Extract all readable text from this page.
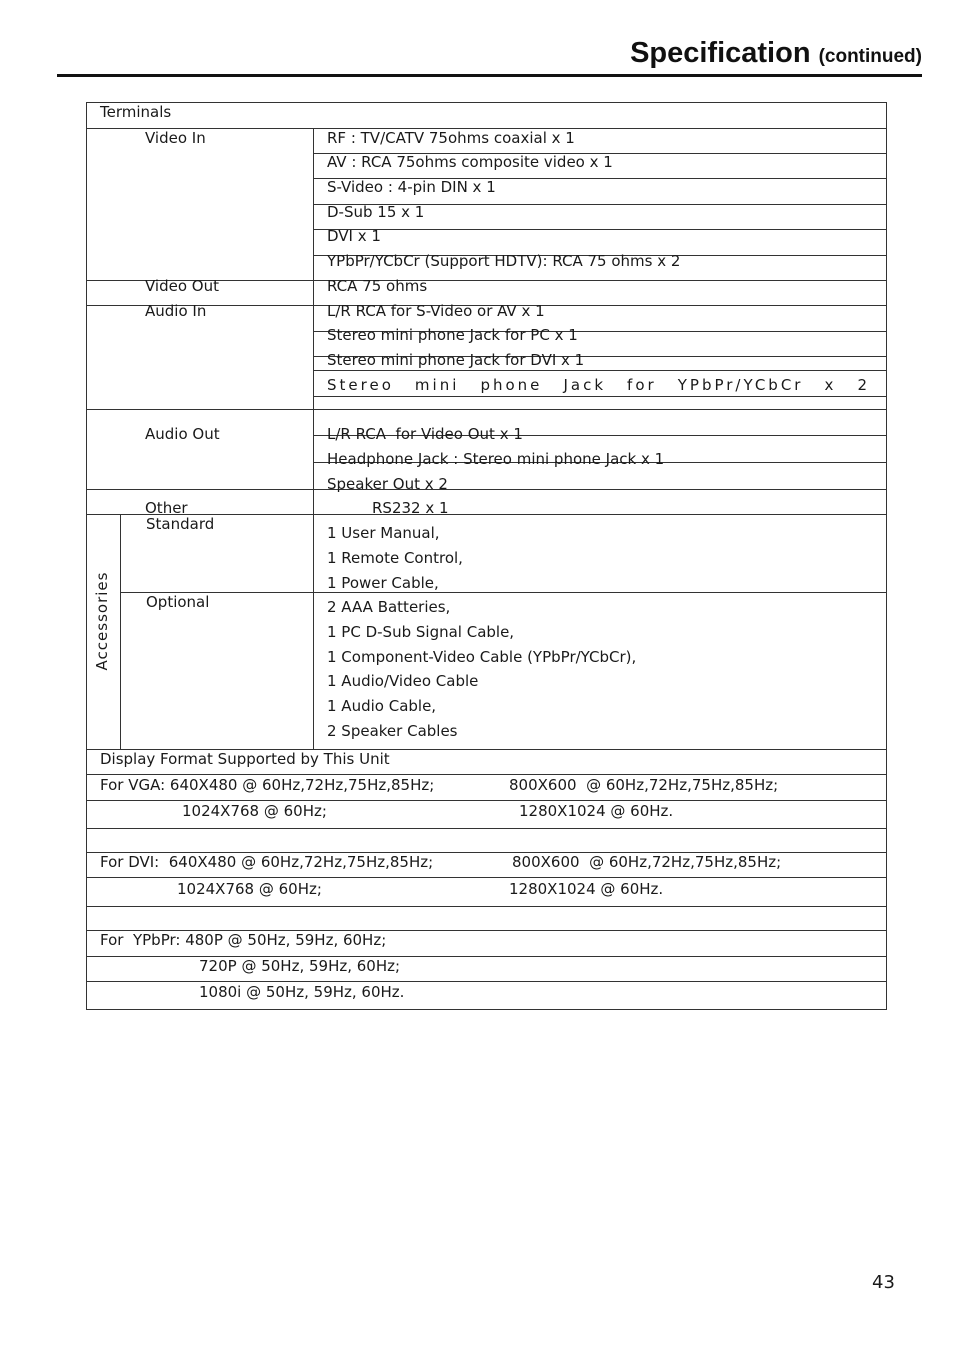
Specification (continued)
Terminals
Video In	RF : TV/CATV 75ohms coaxial x 1
AV : RCA 75ohms composite video x 1
S-Video : 4-pin DIN x 1
D-Sub 15 x 1
DVI x 1
YPbPr/YCbCr (Support HDTV): RCA 75 ohms x 2
Video Out	RCA 75 ohms
Audio In	L/R RCA for S-Video or AV x 1
Stereo mini phone Jack for PC x 1
Stereo mini phone Jack for DVI x 1
Stereo mini phone Jack for YPbPr/YCbCr x 2
Audio Out	L/R RCA  for Video Out x 1
Headphone Jack : Stereo mini phone Jack x 1
Speaker Out x 2
Other	RS232 x 1
Accessories
Standard	1 User Manual,
1 Remote Control,
1 Power Cable,
Optional	2 AAA Batteries,
1 PC D-Sub Signal Cable,
1 Component-Video Cable (YPbPr/YCbCr),
1 Audio/Video Cable
1 Audio Cable,
2 Speaker Cables
Display Format Supported by This Unit
For VGA: 640X480 @ 60Hz,72Hz,75Hz,85Hz;	800X600  @ 60Hz,72Hz,75Hz,85Hz;
1024X768 @ 60Hz;	1280X1024 @ 60Hz.
For DVI:  640X480 @ 60Hz,72Hz,75Hz,85Hz;	800X600  @ 60Hz,72Hz,75Hz,85Hz;
1024X768 @ 60Hz;	1280X1024 @ 60Hz.
For  YPbPr: 480P @ 50Hz, 59Hz, 60Hz;
720P @ 50Hz, 59Hz, 60Hz;
1080i @ 50Hz, 59Hz, 60Hz.
43
